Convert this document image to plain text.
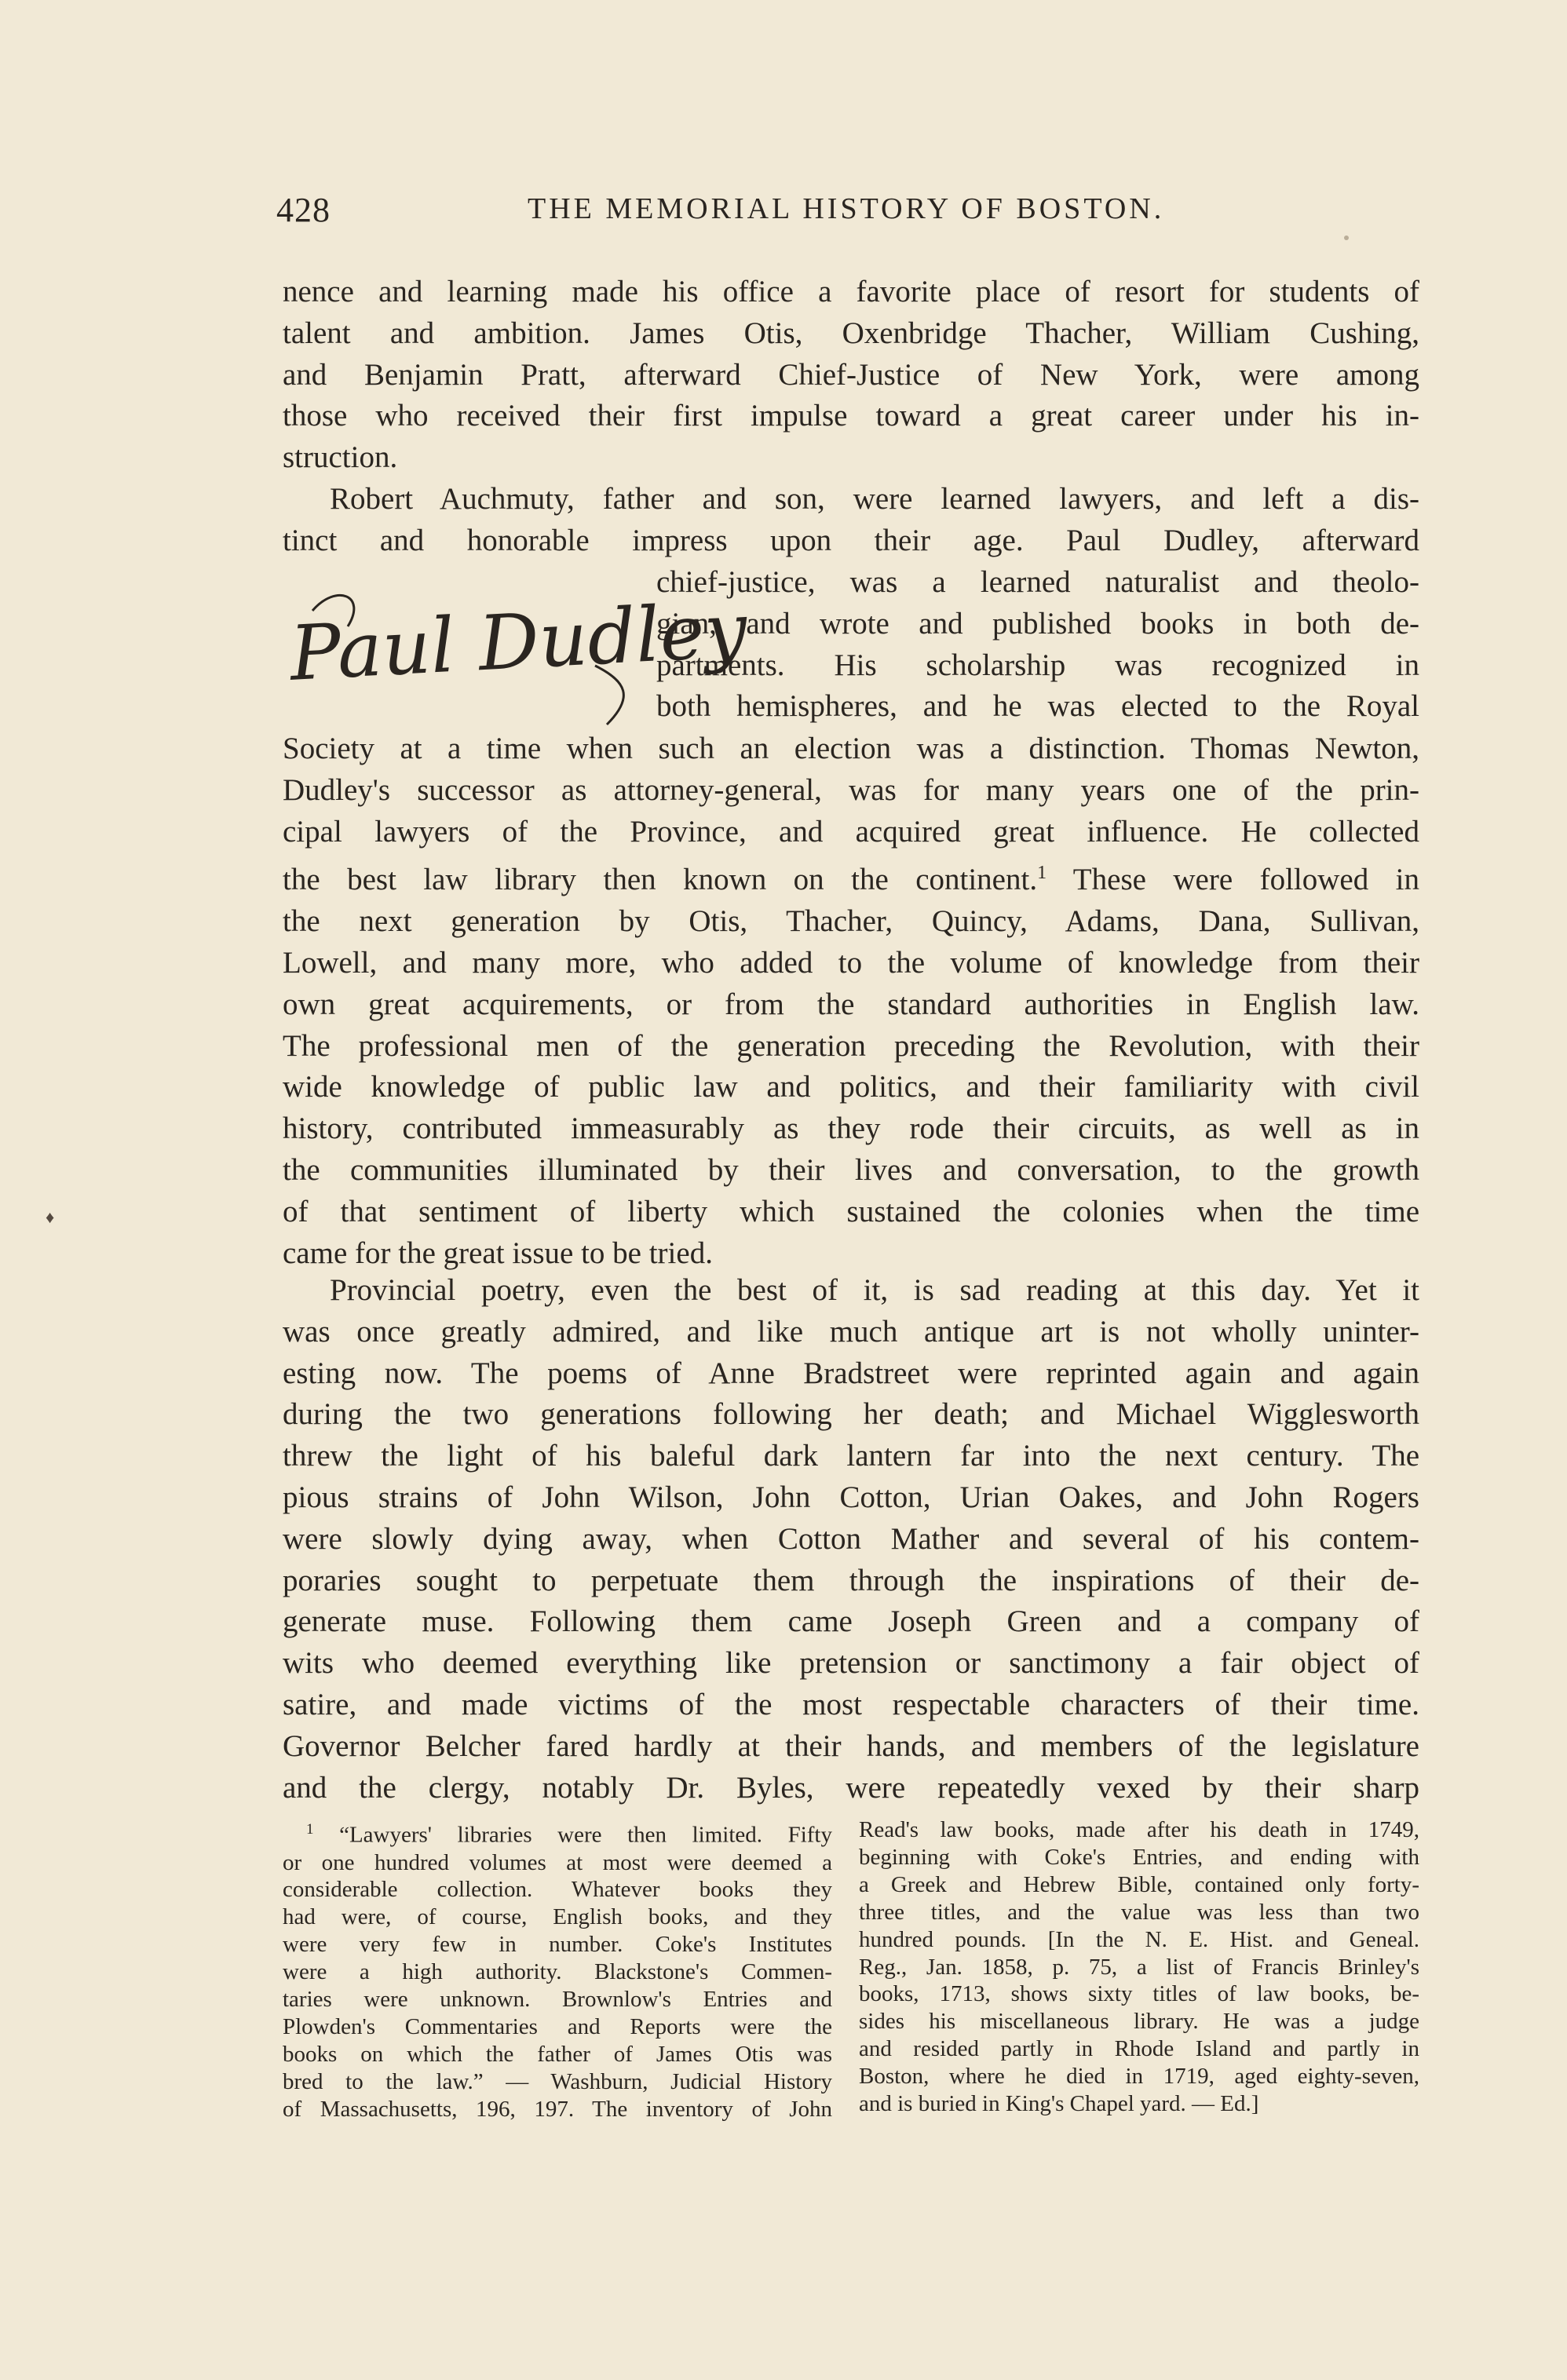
428	THE MEMORIAL HISTORY OF BOSTON.
nence and learning made his office a favorite place of resort for students of
talent and ambition. James Otis, Oxenbridge Thacher, William Cushing,
and Benjamin Pratt, afterward Chief-Justice of New York, were among
those who received their first impulse toward a great career under his in-
struction.
Robert Auchmuty, father and son, were learned lawyers, and left a dis-
tinct and honorable impress upon their age. Paul Dudley, afterward
Paul Dudley
chief-justice, was a learned naturalist and theolo-
gian, and wrote and published books in both de-
partments. His scholarship was recognized in
both hemispheres, and he was elected to the Royal
Society at a time when such an election was a distinction. Thomas Newton,
Dudley's successor as attorney-general, was for many years one of the prin-
cipal lawyers of the Province, and acquired great influence. He collected
the best law library then known on the continent.$^1$ These were followed in
the next generation by Otis, Thacher, Quincy, Adams, Dana, Sullivan,
Lowell, and many more, who added to the volume of knowledge from their
own great acquirements, or from the standard authorities in English law.
The professional men of the generation preceding the Revolution, with their
wide knowledge of public law and politics, and their familiarity with civil
history, contributed immeasurably as they rode their circuits, as well as in
the communities illuminated by their lives and conversation, to the growth
of that sentiment of liberty which sustained the colonies when the time
came for the great issue to be tried.
♦
Provincial poetry, even the best of it, is sad reading at this day. Yet it
was once greatly admired, and like much antique art is not wholly uninter-
esting now. The poems of Anne Bradstreet were reprinted again and again
during the two generations following her death; and Michael Wigglesworth
threw the light of his baleful dark lantern far into the next century. The
pious strains of John Wilson, John Cotton, Urian Oakes, and John Rogers
were slowly dying away, when Cotton Mather and several of his contem-
poraries sought to perpetuate them through the inspirations of their de-
generate muse. Following them came Joseph Green and a company of
wits who deemed everything like pretension or sanctimony a fair object of
satire, and made victims of the most respectable characters of their time.
Governor Belcher fared hardly at their hands, and members of the legislature
and the clergy, notably Dr. Byles, were repeatedly vexed by their sharp
$^1$ “Lawyers' libraries were then limited. Fifty
or one hundred volumes at most were deemed a
considerable collection. Whatever books they
had were, of course, English books, and they
were very few in number. Coke's Institutes
were a high authority. Blackstone's Commen-
taries were unknown. Brownlow's Entries and
Plowden's Commentaries and Reports were the
books on which the father of James Otis was
bred to the law.” — Washburn, Judicial History
of Massachusetts, 196, 197. The inventory of John
Read's law books, made after his death in 1749,
beginning with Coke's Entries, and ending with
a Greek and Hebrew Bible, contained only forty-
three titles, and the value was less than two
hundred pounds. [In the N. E. Hist. and Geneal.
Reg., Jan. 1858, p. 75, a list of Francis Brinley's
books, 1713, shows sixty titles of law books, be-
sides his miscellaneous library. He was a judge
and resided partly in Rhode Island and partly in
Boston, where he died in 1719, aged eighty-seven,
and is buried in King's Chapel yard. — Ed.]
